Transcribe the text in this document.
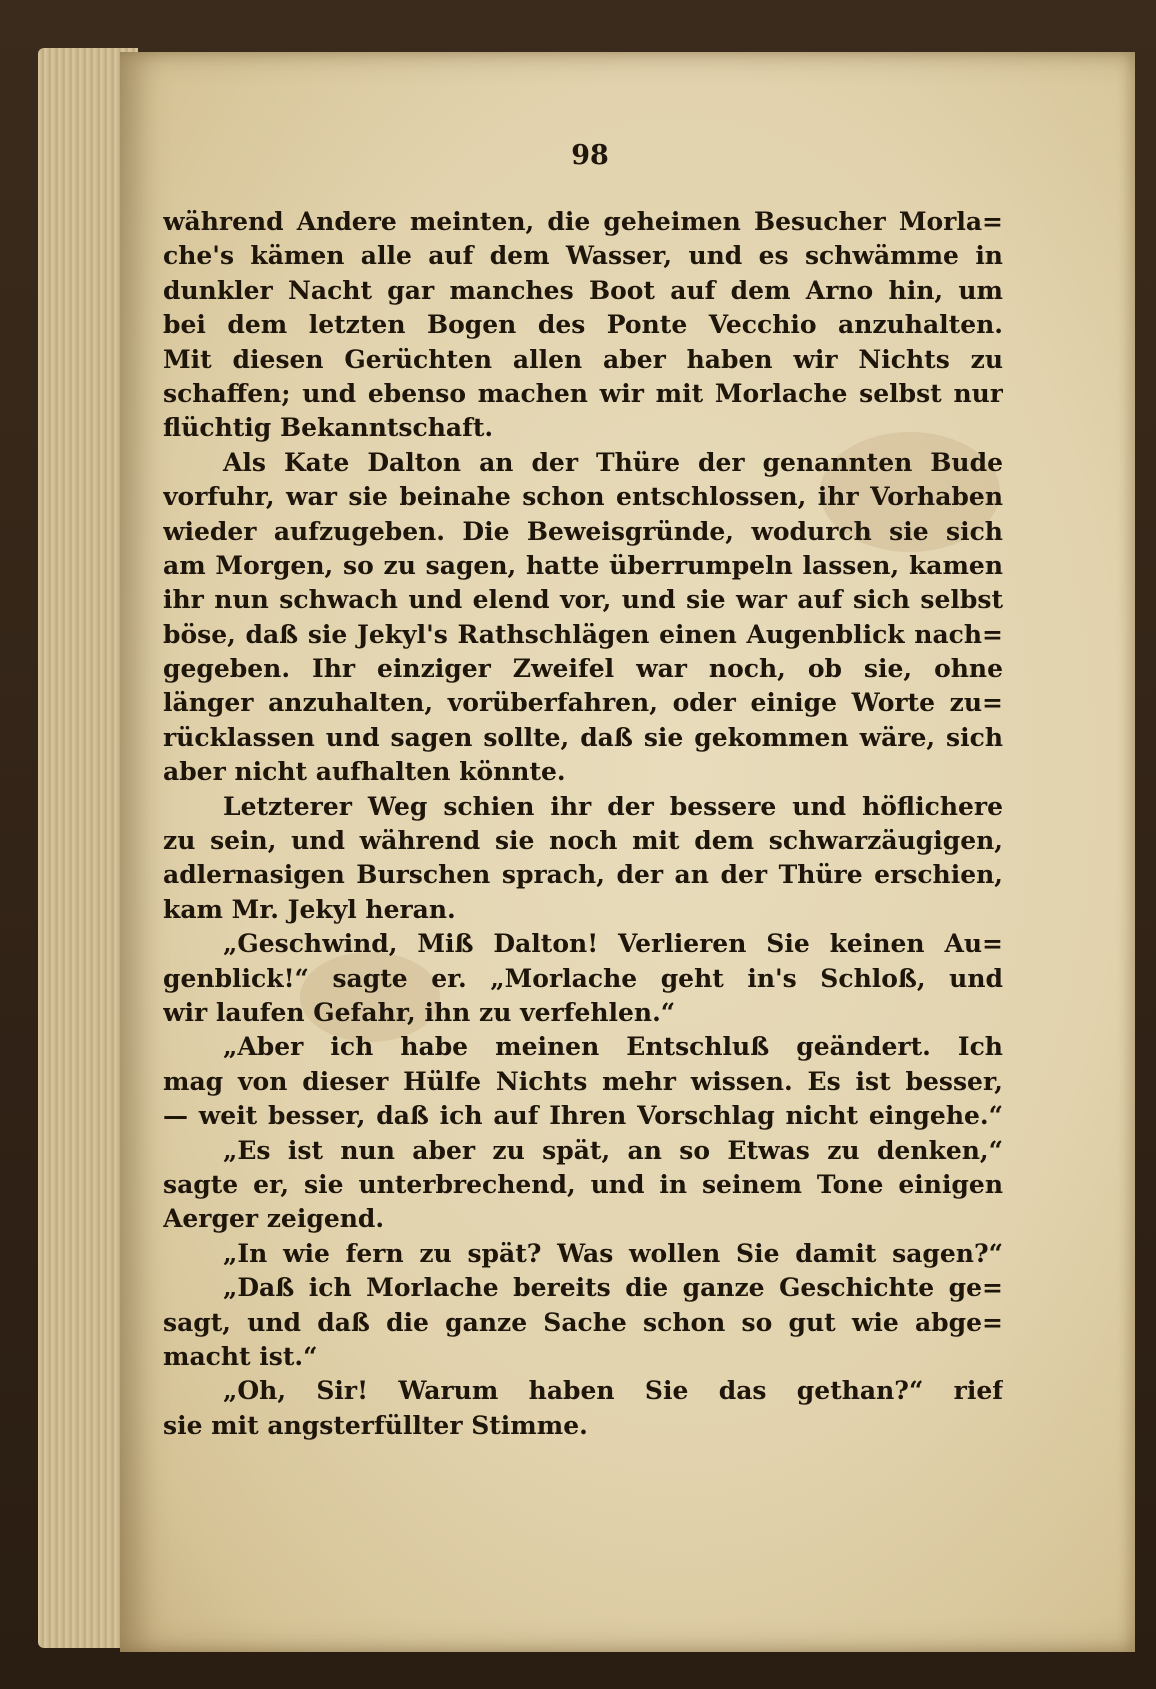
98
während Andere meinten, die geheimen Besucher Morla=
che's kämen alle auf dem Wasser, und es schwämme in
dunkler Nacht gar manches Boot auf dem Arno hin, um
bei dem letzten Bogen des Ponte Vecchio anzuhalten.
Mit diesen Gerüchten allen aber haben wir Nichts zu
schaffen; und ebenso machen wir mit Morlache selbst nur
flüchtig Bekanntschaft.
Als Kate Dalton an der Thüre der genannten Bude
vorfuhr, war sie beinahe schon entschlossen, ihr Vorhaben
wieder aufzugeben. Die Beweisgründe, wodurch sie sich
am Morgen, so zu sagen, hatte überrumpeln lassen, kamen
ihr nun schwach und elend vor, und sie war auf sich selbst
böse, daß sie Jekyl's Rathschlägen einen Augenblick nach=
gegeben. Ihr einziger Zweifel war noch, ob sie, ohne
länger anzuhalten, vorüberfahren, oder einige Worte zu=
rücklassen und sagen sollte, daß sie gekommen wäre, sich
aber nicht aufhalten könnte.
Letzterer Weg schien ihr der bessere und höflichere
zu sein, und während sie noch mit dem schwarzäugigen,
adlernasigen Burschen sprach, der an der Thüre erschien,
kam Mr. Jekyl heran.
„Geschwind, Miß Dalton! Verlieren Sie keinen Au=
genblick!“ sagte er. „Morlache geht in's Schloß, und
wir laufen Gefahr, ihn zu verfehlen.“
„Aber ich habe meinen Entschluß geändert. Ich
mag von dieser Hülfe Nichts mehr wissen. Es ist besser,
— weit besser, daß ich auf Ihren Vorschlag nicht eingehe.“
„Es ist nun aber zu spät, an so Etwas zu denken,“
sagte er, sie unterbrechend, und in seinem Tone einigen
Aerger zeigend.
„In wie fern zu spät? Was wollen Sie damit sagen?“
„Daß ich Morlache bereits die ganze Geschichte ge=
sagt, und daß die ganze Sache schon so gut wie abge=
macht ist.“
„Oh, Sir! Warum haben Sie das gethan?“ rief
sie mit angsterfüllter Stimme.
